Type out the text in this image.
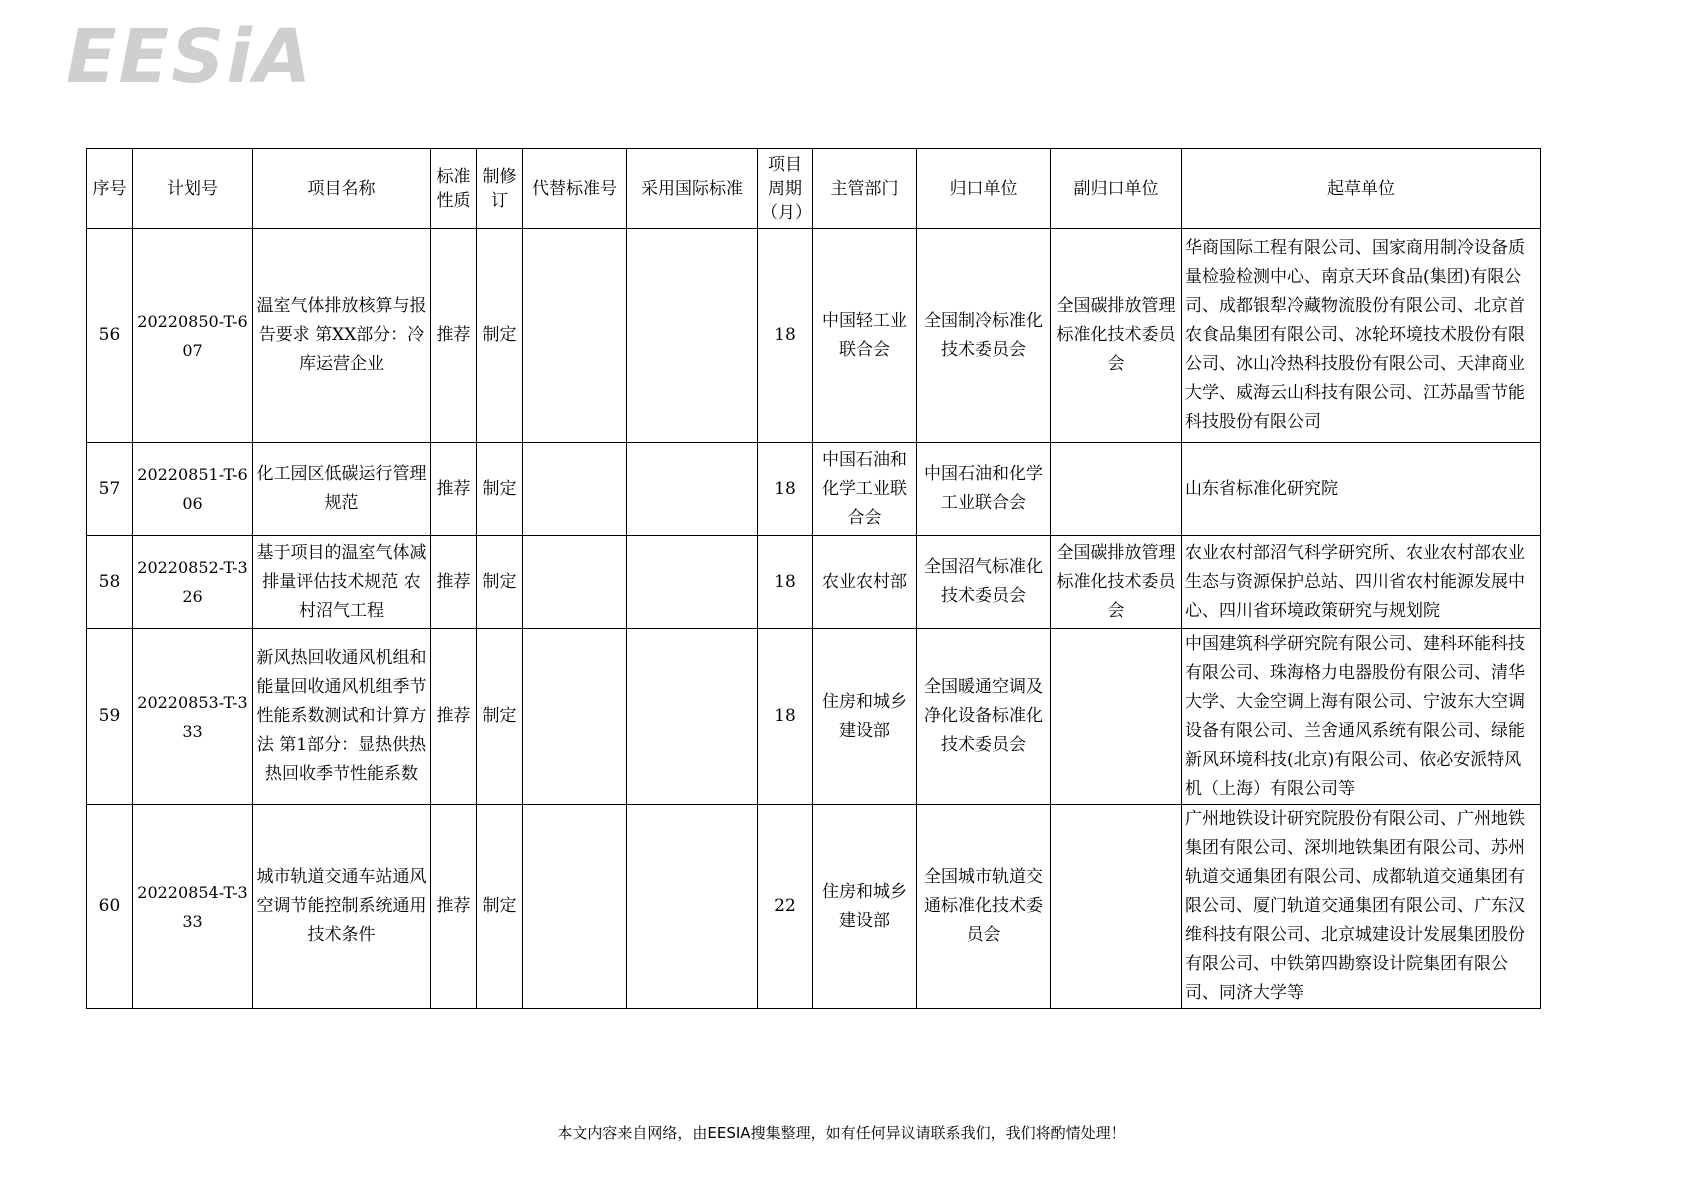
EESiA
序号	计划号	项目名称	标准性质	制修订	代替标准号	采用国际标准	项目周期（月）	主管部门	归口单位	副归口单位	起草单位
56	20220850-T-607	温室气体排放核算与报告要求 第XX部分：冷库运营企业	推荐	制定			18	中国轻工业联合会	全国制冷标准化技术委员会	全国碳排放管理标准化技术委员会	华商国际工程有限公司、国家商用制冷设备质量检验检测中心、南京天环食品(集团)有限公司、成都银犁冷藏物流股份有限公司、北京首农食品集团有限公司、冰轮环境技术股份有限公司、冰山冷热科技股份有限公司、天津商业大学、威海云山科技有限公司、江苏晶雪节能科技股份有限公司
57	20220851-T-606	化工园区低碳运行管理规范	推荐	制定			18	中国石油和化学工业联合会	中国石油和化学工业联合会		山东省标准化研究院
58	20220852-T-326	基于项目的温室气体减排量评估技术规范 农村沼气工程	推荐	制定			18	农业农村部	全国沼气标准化技术委员会	全国碳排放管理标准化技术委员会	农业农村部沼气科学研究所、农业农村部农业生态与资源保护总站、四川省农村能源发展中心、四川省环境政策研究与规划院
59	20220853-T-333	新风热回收通风机组和能量回收通风机组季节性能系数测试和计算方法 第1部分：显热供热热回收季节性能系数	推荐	制定			18	住房和城乡建设部	全国暖通空调及净化设备标准化技术委员会		中国建筑科学研究院有限公司、建科环能科技有限公司、珠海格力电器股份有限公司、清华大学、大金空调上海有限公司、宁波东大空调设备有限公司、兰舍通风系统有限公司、绿能新风环境科技(北京)有限公司、依必安派特风机（上海）有限公司等
60	20220854-T-333	城市轨道交通车站通风空调节能控制系统通用技术条件	推荐	制定			22	住房和城乡建设部	全国城市轨道交通标准化技术委员会		广州地铁设计研究院股份有限公司、广州地铁集团有限公司、深圳地铁集团有限公司、苏州轨道交通集团有限公司、成都轨道交通集团有限公司、厦门轨道交通集团有限公司、广东汉维科技有限公司、北京城建设计发展集团股份有限公司、中铁第四勘察设计院集团有限公司、同济大学等
本文内容来自网络，由EESIA搜集整理，如有任何异议请联系我们，我们将酌情处理！
